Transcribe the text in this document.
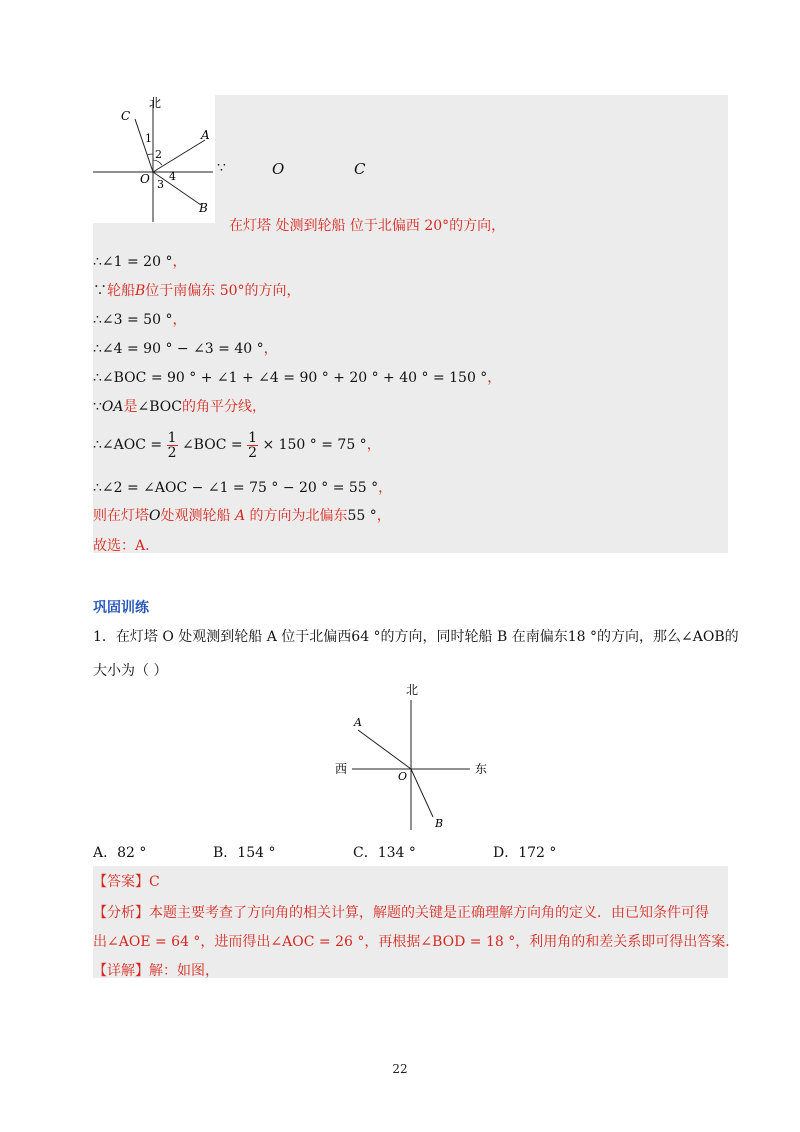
北
C
A
B
O
1
2
3
4
∵	O	C
在灯塔 处测到轮船 位于北偏西 20°的方向，
∴∠1 = 20 °，
∵轮船B位于南偏东 50°的方向，
∴∠3 = 50 °，
∴∠4 = 90 ° − ∠3 = 40 °，
∴∠BOC = 90 ° + ∠1 + ∠4 = 90 ° + 20 ° + 40 ° = 150 °，
∵OA是∠BOC的角平分线，
∴∠AOC = $\frac{1}{2}$ ∠BOC = $\frac{1}{2} \times 150$ ° = 75 °，
∴∠2 = ∠AOC − ∠1 = 75 ° − 20 ° = 55 °，
则在灯塔O处观测轮船 A 的方向为北偏东55 °，
故选：A.
巩固训练
1．在灯塔 O 处观测到轮船 A 位于北偏西64 °的方向，同时轮船 B 在南偏东18 °的方向，那么∠AOB的
大小为（ ）
北
西	东
A
O
B
A．82 °	B．154 °	C．134 °	D．172 °
【答案】C
【分析】本题主要考查了方向角的相关计算，解题的关键是正确理解方向角的定义．由已知条件可得
出∠AOE = 64 °，进而得出∠AOC = 26 °，再根据∠BOD = 18 °，利用角的和差关系即可得出答案．
【详解】解：如图，
22
